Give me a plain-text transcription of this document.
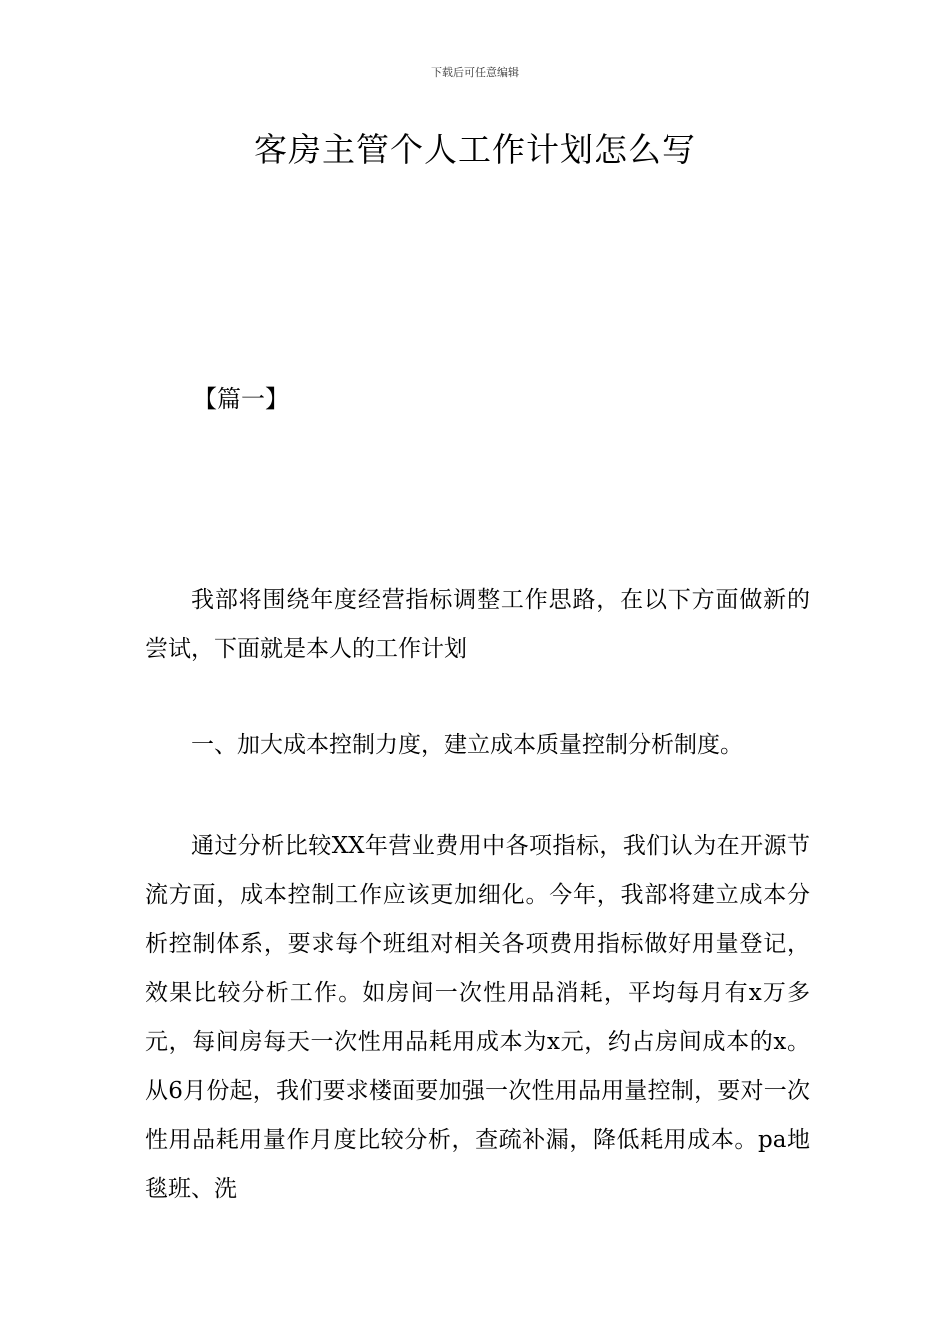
下载后可任意编辑
客房主管个人工作计划怎么写
【篇一】

我部将围绕年度经营指标调整工作思路，在以下方面做新的尝试，下面就是本人的工作计划

一、加大成本控制力度，建立成本质量控制分析制度。

通过分析比较XX年营业费用中各项指标，我们认为在开源节流方面，成本控制工作应该更加细化。今年，我部将建立成本分析控制体系，要求每个班组对相关各项费用指标做好用量登记，效果比较分析工作。如房间一次性用品消耗，平均每月有x万多元，每间房每天一次性用品耗用成本为x元，约占房间成本的x。从6月份起，我们要求楼面要加强一次性用品用量控制，要对一次性用品耗用量作月度比较分析，查疏补漏，降低耗用成本。pa地毯班、洗
